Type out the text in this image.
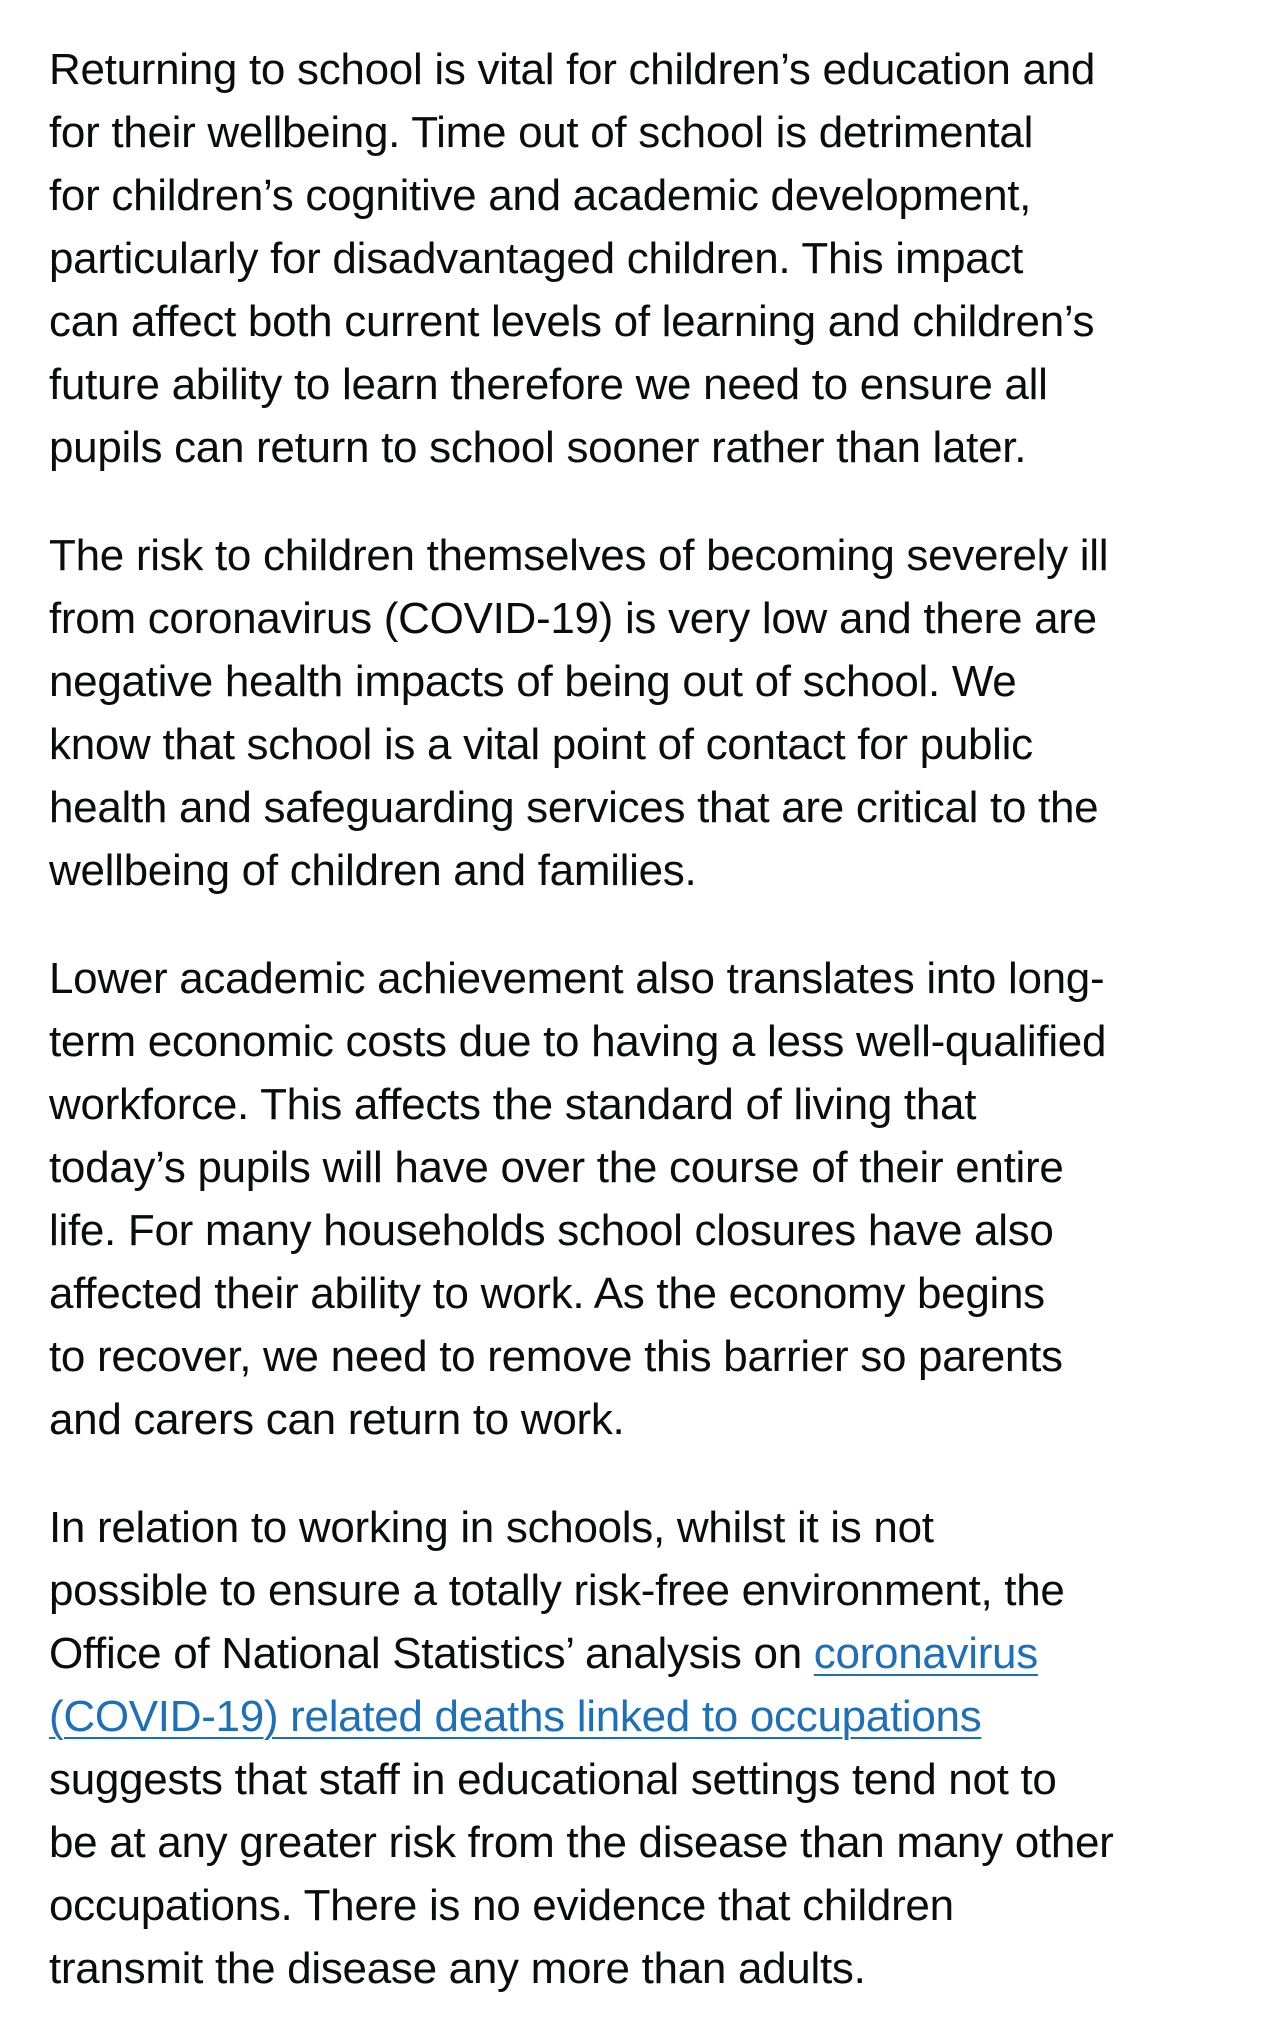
Returning to school is vital for children’s education and
for their wellbeing. Time out of school is detrimental
for children’s cognitive and academic development,
particularly for disadvantaged children. This impact
can affect both current levels of learning and children’s
future ability to learn therefore we need to ensure all
pupils can return to school sooner rather than later.

The risk to children themselves of becoming severely ill
from coronavirus (COVID-19) is very low and there are
negative health impacts of being out of school. We
know that school is a vital point of contact for public
health and safeguarding services that are critical to the
wellbeing of children and families.

Lower academic achievement also translates into long-
term economic costs due to having a less well-qualified
workforce. This affects the standard of living that
today’s pupils will have over the course of their entire
life. For many households school closures have also
affected their ability to work. As the economy begins
to recover, we need to remove this barrier so parents
and carers can return to work.

In relation to working in schools, whilst it is not
possible to ensure a totally risk-free environment, the
Office of National Statistics’ analysis on coronavirus
(COVID-19) related deaths linked to occupations
suggests that staff in educational settings tend not to
be at any greater risk from the disease than many other
occupations. There is no evidence that children
transmit the disease any more than adults.
